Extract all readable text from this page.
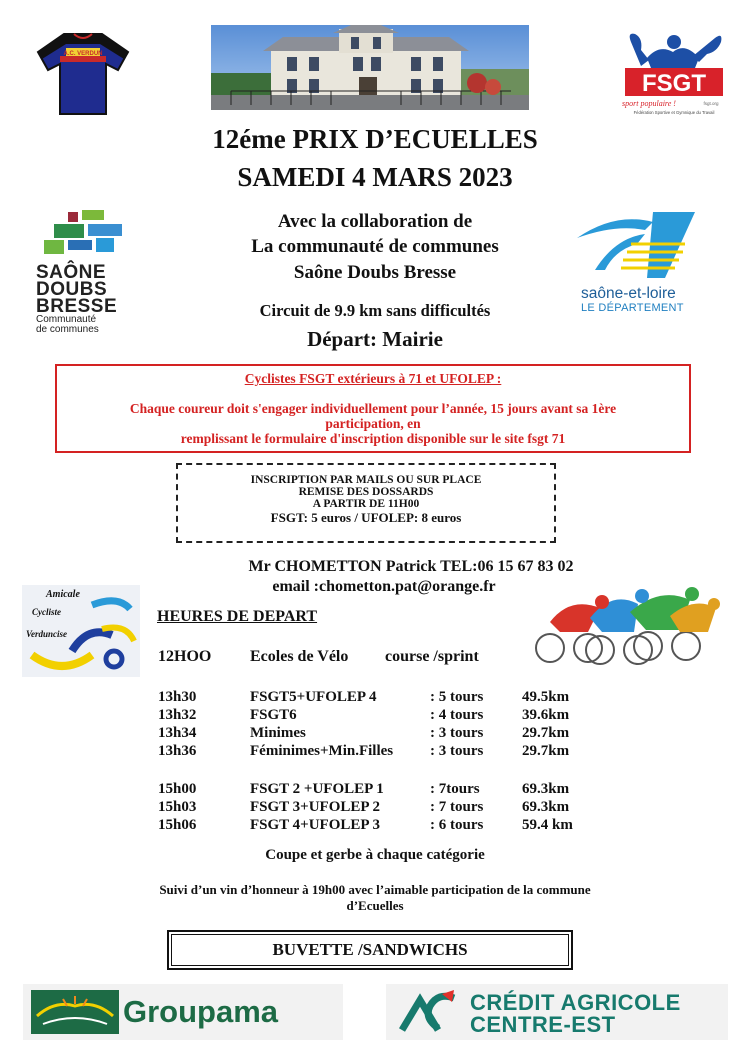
A.C. VERDUN
FSGT
sport populaire !	fsgt.org
Fédération Sportive et Gymnique du Travail
12éme PRIX D’ECUELLES
SAMEDI 4 MARS 2023
SAÔNE
DOUBS
BRESSE
Communauté
de communes
Avec la collaboration de
La communauté de communes
Saône Doubs Bresse
saône-et-loire
LE DÉPARTEMENT
Circuit de 9.9 km sans difficultés
Départ: Mairie
Cyclistes FSGT extérieurs à 71 et UFOLEP :
Chaque coureur doit s'engager individuellement pour l’année, 15 jours avant sa 1ère
participation, en
remplissant le formulaire d'inscription disponible sur le site fsgt 71
INSCRIPTION PAR MAILS OU SUR PLACE
REMISE DES DOSSARDS
A PARTIR DE 11H00
FSGT: 5 euros / UFOLEP: 8 euros
Mr CHOMETTON Patrick TEL:06 15 67 83 02
email :chometton.pat@orange.fr
Amicale
Cycliste
Verduncise
HEURES DE DEPART
12HOO Ecoles de Vélo course /sprint
13h30	FSGT5+UFOLEP 4	: 5 tours	49.5km
13h32	FSGT6	: 4 tours	39.6km
13h34	Minimes	: 3 tours	29.7km
13h36	Féminimes+Min.Filles : 3 tours	29.7km
15h00	FSGT 2 +UFOLEP 1	: 7tours	69.3km
15h03	FSGT 3+UFOLEP 2	: 7 tours	69.3km
15h06	FSGT 4+UFOLEP 3	: 6 tours	59.4 km
Coupe et gerbe à chaque catégorie
Suivi d’un vin d’honneur à 19h00 avec l’aimable participation de la commune
d’Ecuelles
BUVETTE /SANDWICHS
Groupama	CRÉDIT AGRICOLE
CENTRE-EST
